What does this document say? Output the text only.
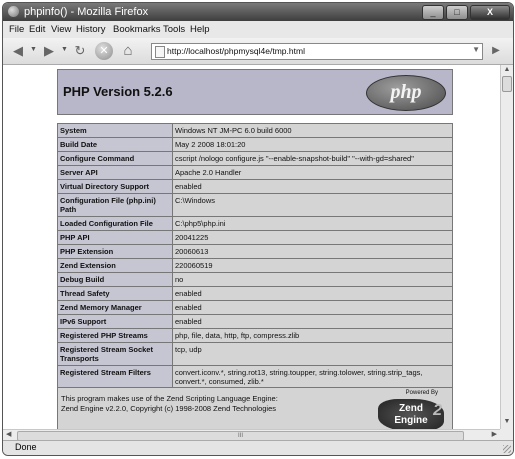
phpinfo() - Mozilla Firefox	_	□	X
File Edit View History Bookmarks Tools Help
◀	▼ ▶	▼ ↻	✕ ⌂	http://localhost/phpmysql4e/tmp.html	▼	▶
PHP Version 5.2.6	php
System	Windows NT JM-PC 6.0 build 6000
Build Date	May 2 2008 18:01:20
Configure Command	cscript /nologo configure.js "--enable-snapshot-build" "--with-gd=shared"
Server API	Apache 2.0 Handler
Virtual Directory Support	enabled
Configuration File (php.ini) Path	C:\Windows
Loaded Configuration File	C:\php5\php.ini
PHP API	20041225
PHP Extension	20060613
Zend Extension	220060519
Debug Build	no
Thread Safety	enabled
Zend Memory Manager	enabled
IPv6 Support	enabled
Registered PHP Streams	php, file, data, http, ftp, compress.zlib
Registered Stream Socket Transports	tcp, udp
Registered Stream Filters	convert.iconv.*, string.rot13, string.toupper, string.tolower, string.strip_tags, convert.*, consumed, zlib.*
This program makes use of the Zend Scripting Language Engine:
Zend Engine v2.2.0, Copyright (c) 1998-2008 Zend Technologies
Powered By
Zend
Engine
2
▲
▼
◀	III	▶
Done
